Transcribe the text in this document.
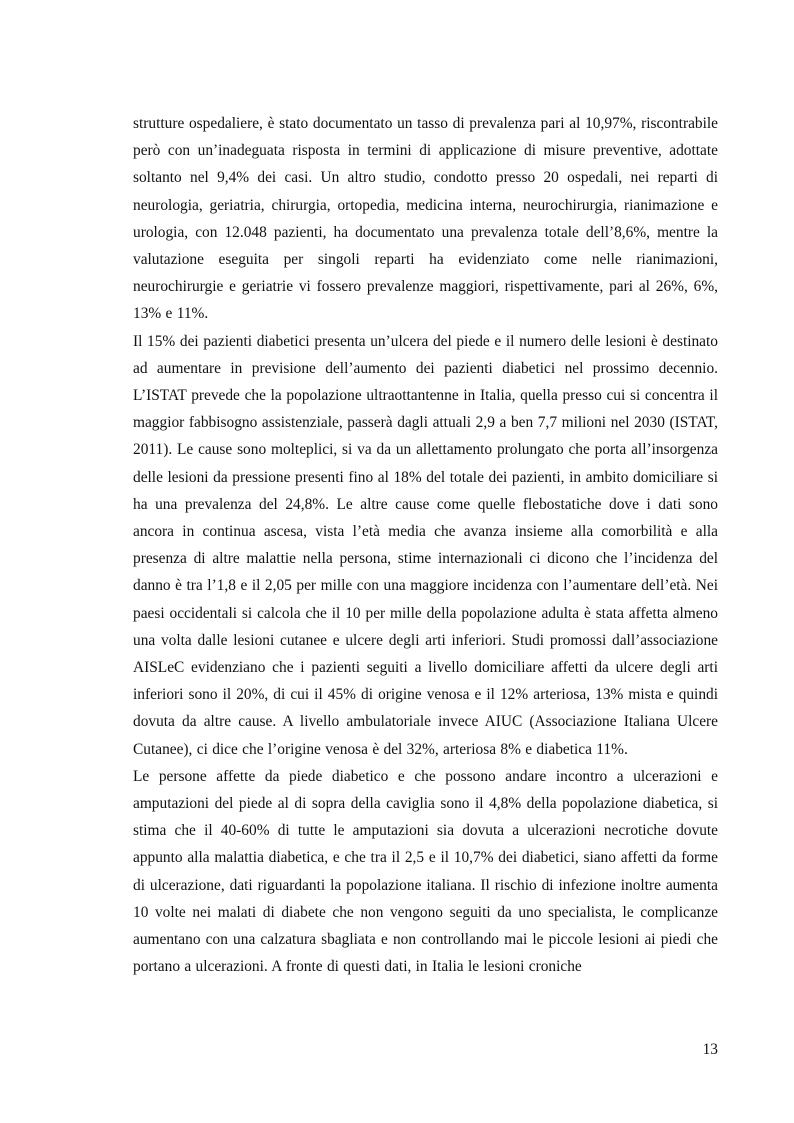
strutture ospedaliere, è stato documentato un tasso di prevalenza pari al 10,97%, riscontrabile però con un’inadeguata risposta in termini di applicazione di misure preventive, adottate soltanto nel 9,4% dei casi. Un altro studio, condotto presso 20 ospedali, nei reparti di neurologia, geriatria, chirurgia, ortopedia, medicina interna, neurochirurgia, rianimazione e urologia, con 12.048 pazienti, ha documentato una prevalenza totale dell’8,6%, mentre la valutazione eseguita per singoli reparti ha evidenziato come nelle rianimazioni, neurochirurgie e geriatrie vi fossero prevalenze maggiori, rispettivamente, pari al 26%, 6%, 13% e 11%.

Il 15% dei pazienti diabetici presenta un’ulcera del piede e il numero delle lesioni è destinato ad aumentare in previsione dell’aumento dei pazienti diabetici nel prossimo decennio. L’ISTAT prevede che la popolazione ultraottantenne in Italia, quella presso cui si concentra il maggior fabbisogno assistenziale, passerà dagli attuali 2,9 a ben 7,7 milioni nel 2030 (ISTAT, 2011). Le cause sono molteplici, si va da un allettamento prolungato che porta all’insorgenza delle lesioni da pressione presenti fino al 18% del totale dei pazienti, in ambito domiciliare si ha una prevalenza del 24,8%. Le altre cause come quelle flebostatiche dove i dati sono ancora in continua ascesa, vista l’età media che avanza insieme alla comorbilità e alla presenza di altre malattie nella persona, stime internazionali ci dicono che l’incidenza del danno è tra l’1,8 e il 2,05 per mille con una maggiore incidenza con l’aumentare dell’età. Nei paesi occidentali si calcola che il 10 per mille della popolazione adulta è stata affetta almeno una volta dalle lesioni cutanee e ulcere degli arti inferiori. Studi promossi dall’associazione AISLeC evidenziano che i pazienti seguiti a livello domiciliare affetti da ulcere degli arti inferiori sono il 20%, di cui il 45% di origine venosa e il 12% arteriosa, 13% mista e quindi dovuta da altre cause. A livello ambulatoriale invece AIUC (Associazione Italiana Ulcere Cutanee), ci dice che l’origine venosa è del 32%, arteriosa 8% e diabetica 11%.

Le persone affette da piede diabetico e che possono andare incontro a ulcerazioni e amputazioni del piede al di sopra della caviglia sono il 4,8% della popolazione diabetica, si stima che il 40-60% di tutte le amputazioni sia dovuta a ulcerazioni necrotiche dovute appunto alla malattia diabetica, e che tra il 2,5 e il 10,7% dei diabetici, siano affetti da forme di ulcerazione, dati riguardanti la popolazione italiana. Il rischio di infezione inoltre aumenta 10 volte nei malati di diabete che non vengono seguiti da uno specialista, le complicanze aumentano con una calzatura sbagliata e non controllando mai le piccole lesioni ai piedi che portano a ulcerazioni. A fronte di questi dati, in Italia le lesioni croniche

13
